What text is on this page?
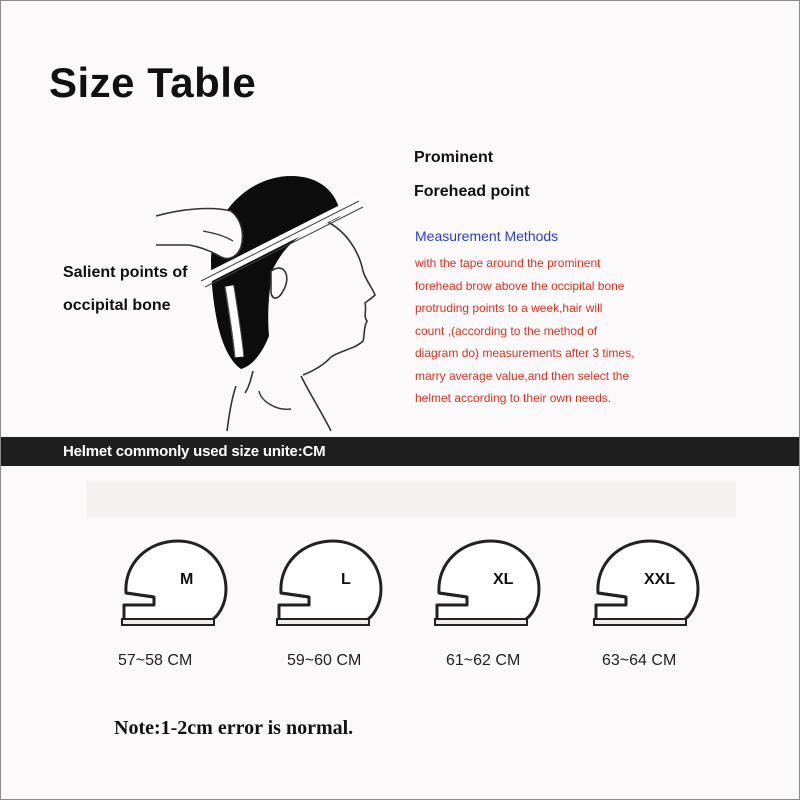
Size Table
Salient points of
occipital bone
Prominent
Forehead point
Measurement Methods
with the tape around the prominent
forehead brow above the occipital bone
protruding points to a week,hair will
count ,(according to the method of
diagram do) measurements after 3 times,
marry average value,and then select the
helmet according to their own needs.
Helmet commonly used size unite:CM
M	L	XL	XXL
57~58 CM	59~60 CM	61~62 CM	63~64 CM
Note:1-2cm error is normal.
